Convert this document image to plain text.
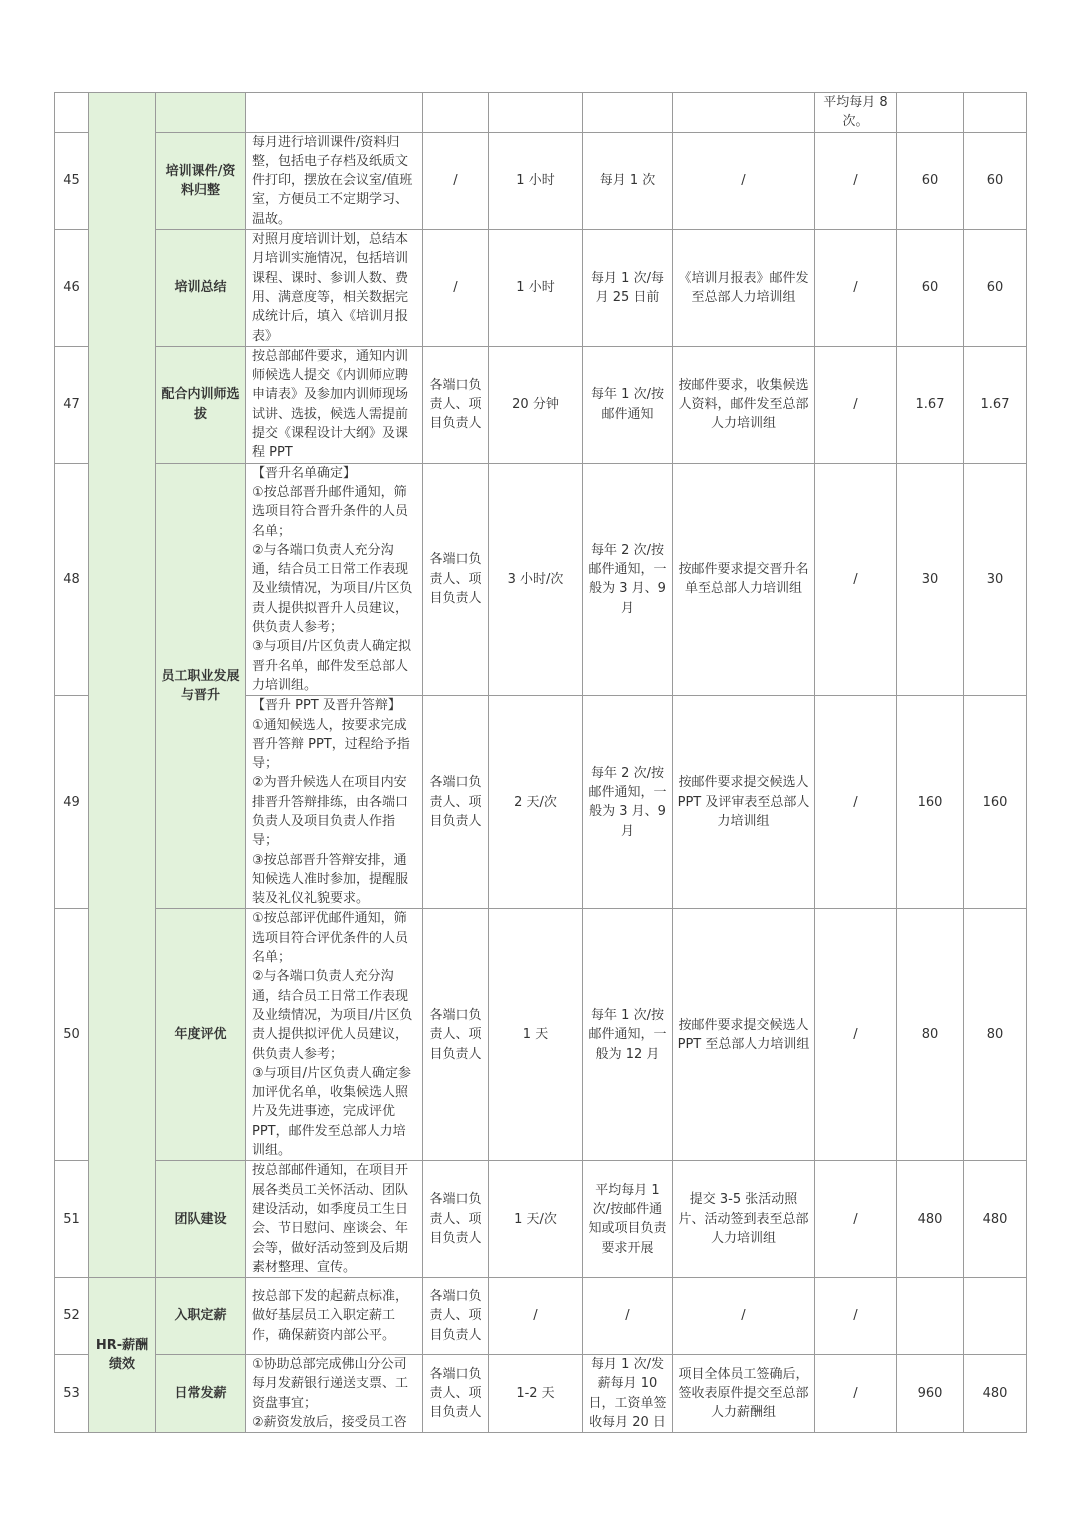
								平均每月 8 次。		
45		培训课件/资料归整	每月进行培训课件/资料归整，包括电子存档及纸质文件打印，摆放在会议室/值班室，方便员工不定期学习、温故。	/	1 小时	每月 1 次	/	/	60	60
46		培训总结	对照月度培训计划，总结本月培训实施情况，包括培训课程、课时、参训人数、费用、满意度等，相关数据完成统计后，填入《培训月报表》	/	1 小时	每月 1 次/每月 25 日前	《培训月报表》邮件发至总部人力培训组	/	60	60
47		配合内训师选拔	按总部邮件要求，通知内训师候选人提交《内训师应聘申请表》及参加内训师现场试讲、选拔，候选人需提前提交《课程设计大纲》及课程 PPT	各端口负责人、项目负责人	20 分钟	每年 1 次/按邮件通知	按邮件要求，收集候选人资料，邮件发至总部人力培训组	/	1.67	1.67
48		员工职业发展与晋升	【晋升名单确定】
①按总部晋升邮件通知，筛选项目符合晋升条件的人员名单；
②与各端口负责人充分沟通，结合员工日常工作表现及业绩情况，为项目/片区负责人提供拟晋升人员建议，供负责人参考；
③与项目/片区负责人确定拟晋升名单，邮件发至总部人力培训组。	各端口负责人、项目负责人	3 小时/次	每年 2 次/按邮件通知，一般为 3 月、9 月	按邮件要求提交晋升名单至总部人力培训组	/	30	30
49			【晋升 PPT 及晋升答辩】
①通知候选人，按要求完成晋升答辩 PPT，过程给予指导；
②为晋升候选人在项目内安排晋升答辩排练，由各端口负责人及项目负责人作指导；
③按总部晋升答辩安排，通知候选人准时参加，提醒服装及礼仪礼貌要求。	各端口负责人、项目负责人	2 天/次	每年 2 次/按邮件通知，一般为 3 月、9 月	按邮件要求提交候选人 PPT 及评审表至总部人力培训组	/	160	160
50		年度评优	①按总部评优邮件通知，筛选项目符合评优条件的人员名单；
②与各端口负责人充分沟通，结合员工日常工作表现及业绩情况，为项目/片区负责人提供拟评优人员建议，供负责人参考；
③与项目/片区负责人确定参加评优名单，收集候选人照片及先进事迹，完成评优PPT，邮件发至总部人力培训组。	各端口负责人、项目负责人	1 天	每年 1 次/按邮件通知，一般为 12 月	按邮件要求提交候选人 PPT 至总部人力培训组	/	80	80
51		团队建设	按总部邮件通知，在项目开展各类员工关怀活动、团队建设活动，如季度员工生日会、节日慰问、座谈会、年会等，做好活动签到及后期素材整理、宣传。	各端口负责人、项目负责人	1 天/次	平均每月 1 次/按邮件通知或项目负责要求开展	提交 3-5 张活动照片、活动签到表至总部人力培训组	/	480	480
52	HR-薪酬绩效	入职定薪	按总部下发的起薪点标准，做好基层员工入职定薪工作，确保薪资内部公平。	各端口负责人、项目负责人	/	/	/	/		
53		日常发薪	①协助总部完成佛山分公司每月发薪银行递送支票、工资盘事宜；
②薪资发放后，接受员工咨	各端口负责人、项目负责人	1-2 天	每月 1 次/发薪每月 10 日，工资单签收每月 20 日	项目全体员工签确后，签收表原件提交至总部人力薪酬组	/	960	480
